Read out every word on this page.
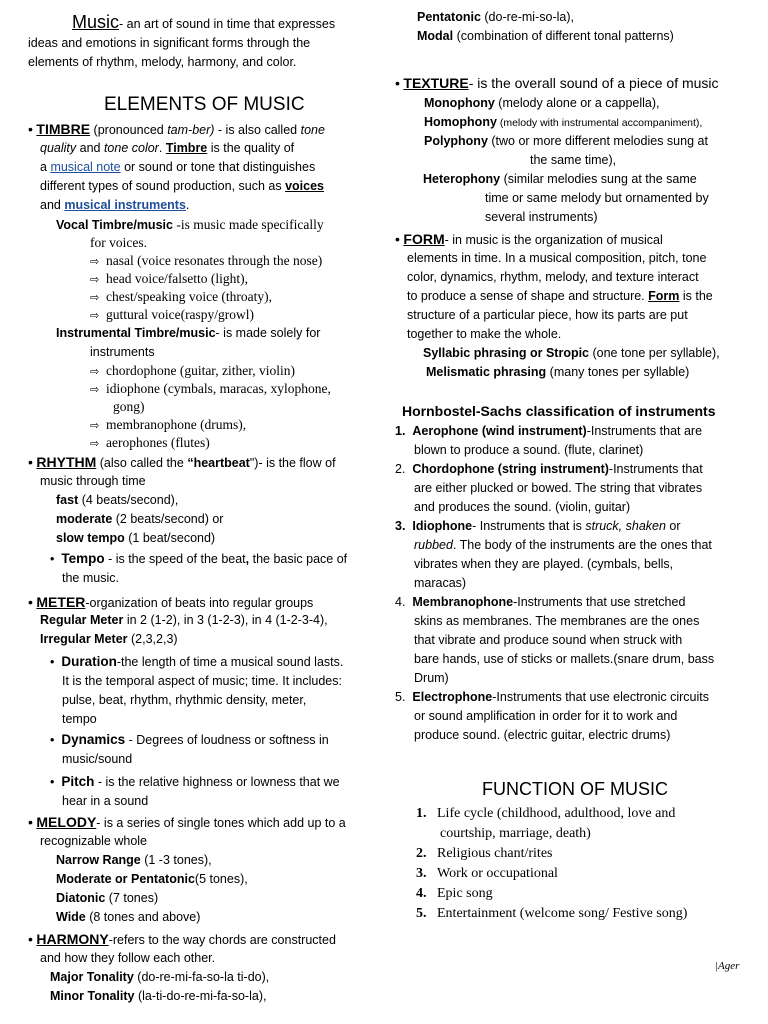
Music- an art of sound in time that expresses
ideas and emotions in significant forms through the
elements of rhythm, melody, harmony, and color.
ELEMENTS OF MUSIC
• TIMBRE (pronounced tam-ber) - is also called tone
quality and tone color. Timbre is the quality of
a musical note or sound or tone that distinguishes
different types of sound production, such as voices
and musical instruments.
Vocal Timbre/music -is music made specifically
for voices.
⇨ nasal (voice resonates through the nose)
⇨ head voice/falsetto (light),
⇨ chest/speaking voice (throaty),
⇨ guttural voice(raspy/growl)
Instrumental Timbre/music- is made solely for
instruments
⇨ chordophone (guitar, zither, violin)
⇨ idiophone (cymbals, maracas, xylophone,
gong)
⇨ membranophone (drums),
⇨ aerophones (flutes)
• RHYTHM (also called the “heartbeat")- is the flow of
music through time
fast (4 beats/second),
moderate (2 beats/second) or
slow tempo (1 beat/second)
• Tempo - is the speed of the beat, the basic pace of
the music.
• METER-organization of beats into regular groups
Regular Meter in 2 (1-2), in 3 (1-2-3), in 4 (1-2-3-4),
Irregular Meter (2,3,2,3)
• Duration-the length of time a musical sound lasts.
It is the temporal aspect of music; time. It includes:
pulse, beat, rhythm, rhythmic density, meter,
tempo
• Dynamics - Degrees of loudness or softness in
music/sound
• Pitch - is the relative highness or lowness that we
hear in a sound
• MELODY- is a series of single tones which add up to a
recognizable whole
Narrow Range (1 -3 tones),
Moderate or Pentatonic(5 tones),
Diatonic (7 tones)
Wide (8 tones and above)
• HARMONY-refers to the way chords are constructed
and how they follow each other.
Major Tonality (do-re-mi-fa-so-la ti-do),
Minor Tonality (la-ti-do-re-mi-fa-so-la),
Pentatonic (do-re-mi-so-la),
Modal (combination of different tonal patterns)
• TEXTURE- is the overall sound of a piece of music
Monophony (melody alone or a cappella),
Homophony (melody with instrumental accompaniment),
Polyphony (two or more different melodies sung at
the same time),
Heterophony (similar melodies sung at the same
time or same melody but ornamented by
several instruments)
• FORM- in music is the organization of musical
elements in time. In a musical composition, pitch, tone
color, dynamics, rhythm, melody, and texture interact
to produce a sense of shape and structure. Form is the
structure of a particular piece, how its parts are put
together to make the whole.
Syllabic phrasing or Stropic (one tone per syllable),
Melismatic phrasing (many tones per syllable)
Hornbostel-Sachs classification of instruments
1. Aerophone (wind instrument)-Instruments that are
blown to produce a sound. (flute, clarinet)
2. Chordophone (string instrument)-Instruments that
are either plucked or bowed. The string that vibrates
and produces the sound. (violin, guitar)
3. Idiophone- Instruments that is struck, shaken or
rubbed. The body of the instruments are the ones that
vibrates when they are played. (cymbals, bells,
maracas)
4. Membranophone-Instruments that use stretched
skins as membranes. The membranes are the ones
that vibrate and produce sound when struck with
bare hands, use of sticks or mallets.(snare drum, bass
Drum)
5. Electrophone-Instruments that use electronic circuits
or sound amplification in order for it to work and
produce sound. (electric guitar, electric drums)
FUNCTION OF MUSIC
1. Life cycle (childhood, adulthood, love and
courtship, marriage, death)
2. Religious chant/rites
3. Work or occupational
4. Epic song
5. Entertainment (welcome song/ Festive song)
|Ager
